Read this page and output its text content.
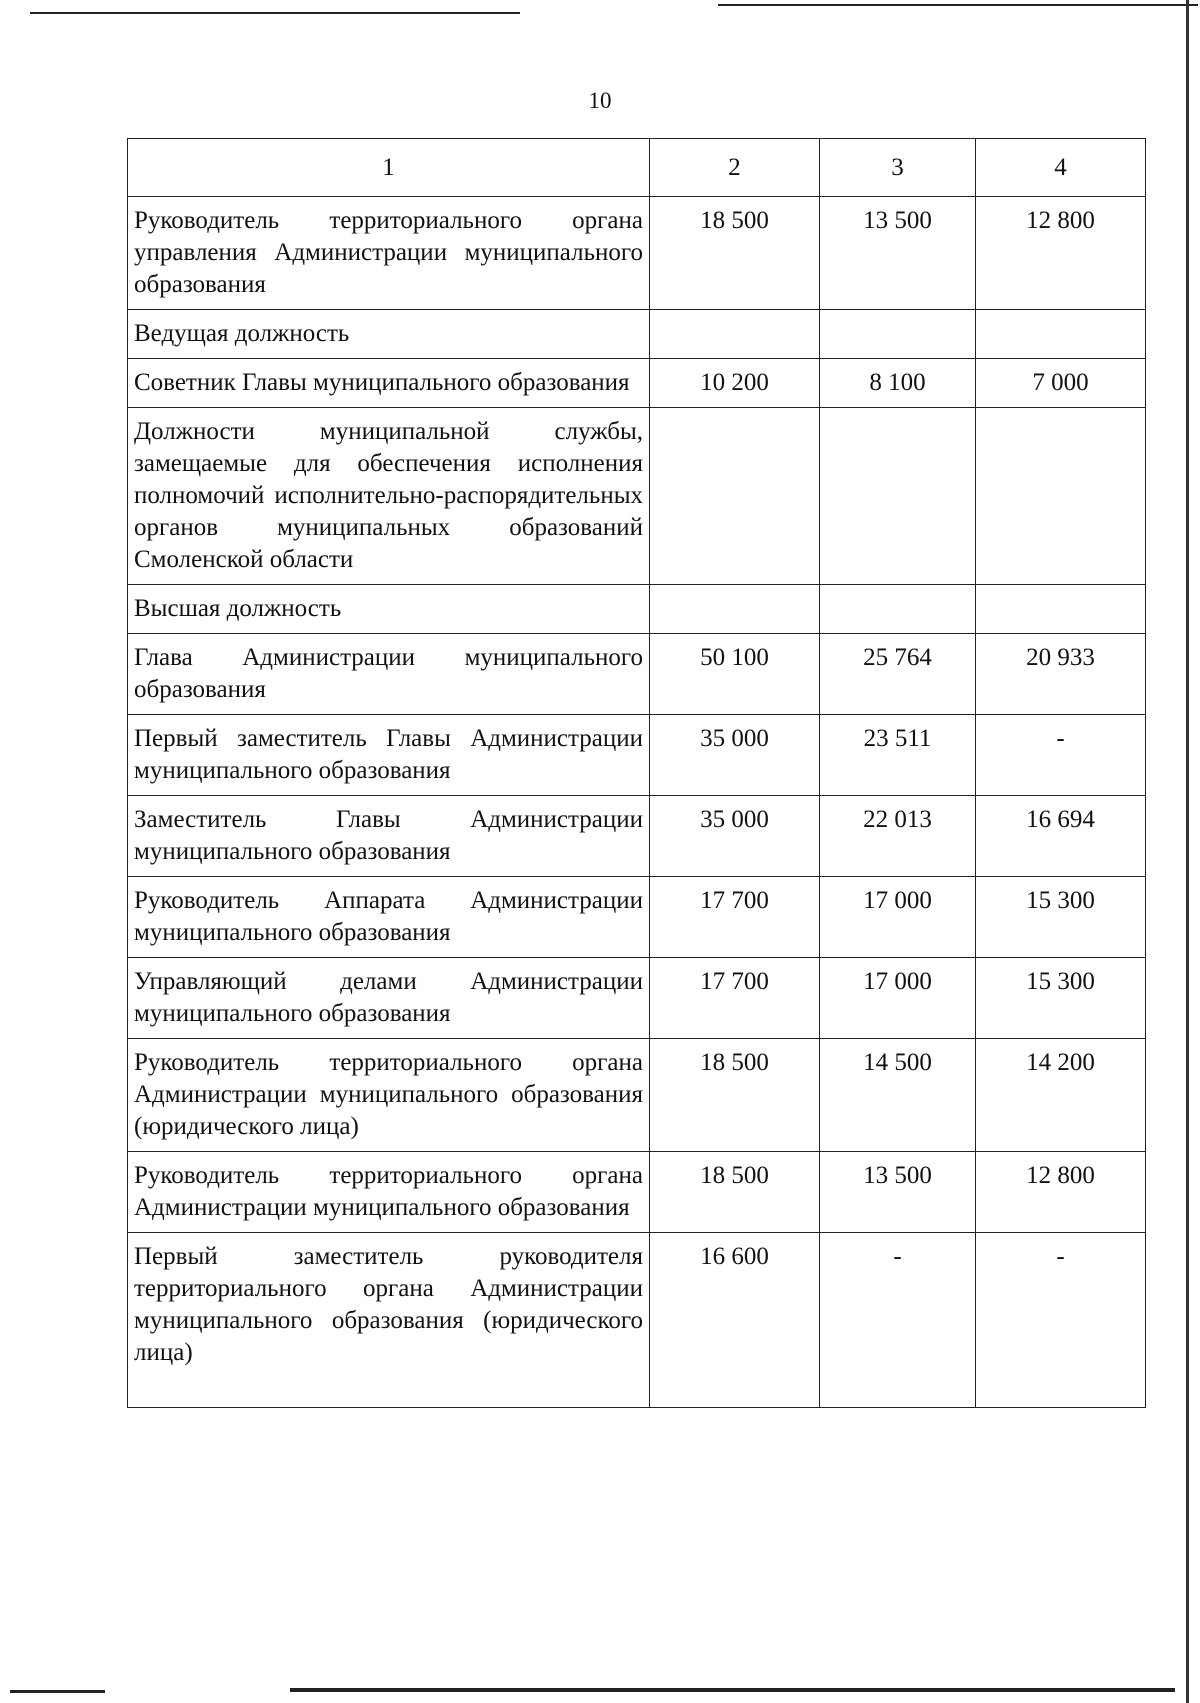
10
1	2	3	4
Руководитель территориального органа управления Администрации муниципального образования	18 500	13 500	12 800
Ведущая должность			
Советник Главы муниципального образования	10 200	8 100	7 000
Должности муниципальной службы, замещаемые для обеспечения исполнения полномочий исполнительно-распорядительных органов муниципальных образований Смоленской области			
Высшая должность			
Глава Администрации муниципального образования	50 100	25 764	20 933
Первый заместитель Главы Администрации муниципального образования	35 000	23 511	-
Заместитель Главы Администрации муниципального образования	35 000	22 013	16 694
Руководитель Аппарата Администрации муниципального образования	17 700	17 000	15 300
Управляющий делами Администрации муниципального образования	17 700	17 000	15 300
Руководитель территориального органа Администрации муниципального образования (юридического лица)	18 500	14 500	14 200
Руководитель территориального органа Администрации муниципального образования	18 500	13 500	12 800
Первый заместитель руководителя территориального органа Администрации муниципального образования (юридического лица)	16 600	-	-
